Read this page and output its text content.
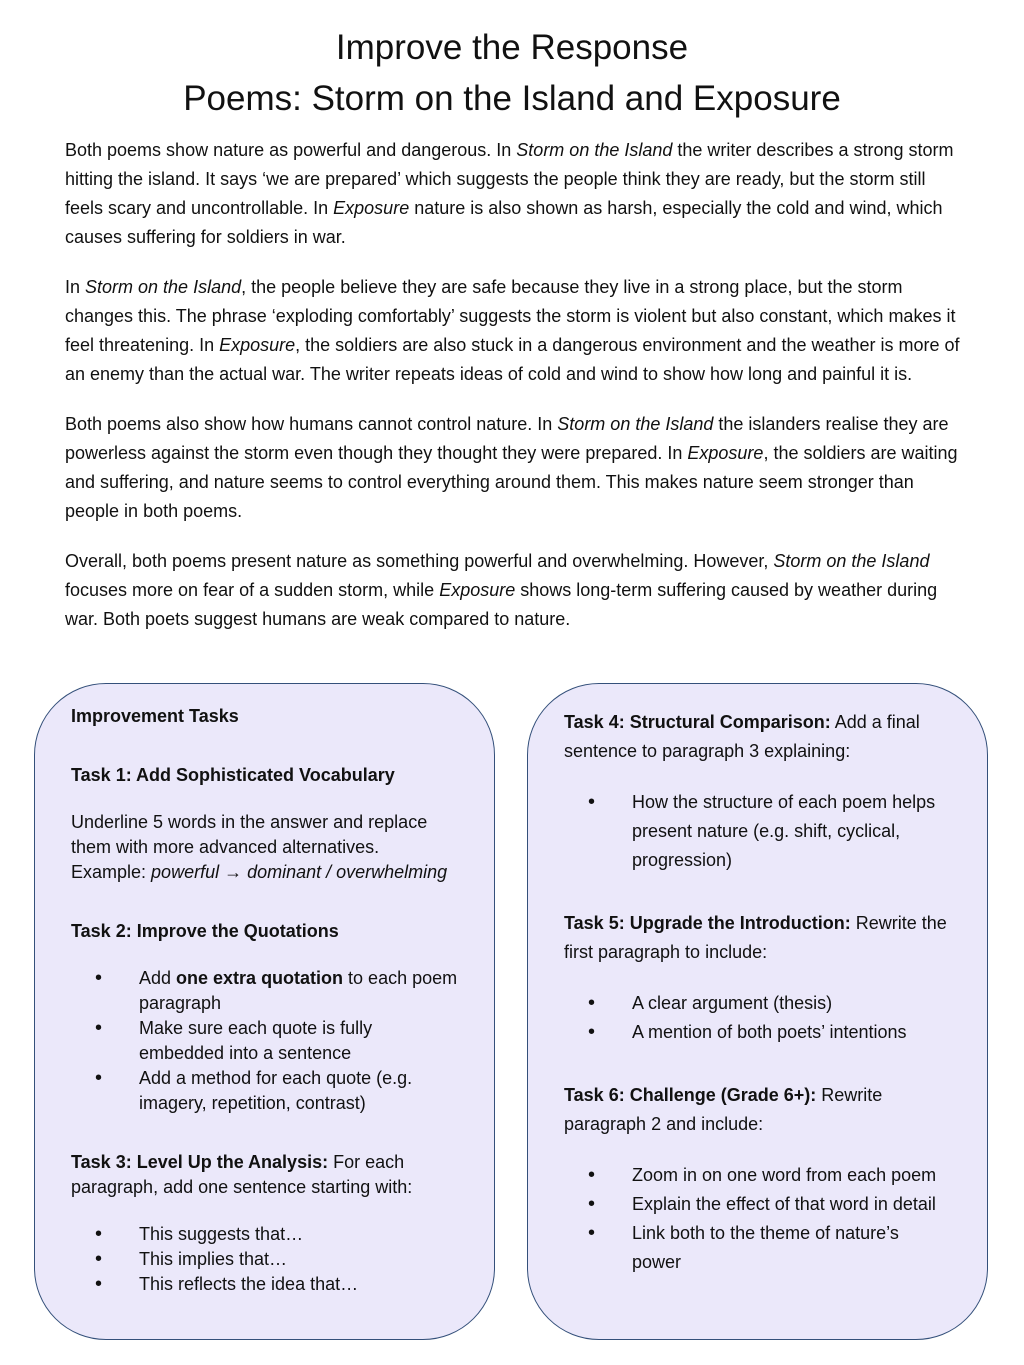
Improve the Response
Poems: Storm on the Island and Exposure

Both poems show nature as powerful and dangerous. In Storm on the Island the writer describes a strong storm hitting the island. It says ‘we are prepared’ which suggests the people think they are ready, but the storm still feels scary and uncontrollable. In Exposure nature is also shown as harsh, especially the cold and wind, which causes suffering for soldiers in war.

In Storm on the Island, the people believe they are safe because they live in a strong place, but the storm changes this. The phrase ‘exploding comfortably’ suggests the storm is violent but also constant, which makes it feel threatening. In Exposure, the soldiers are also stuck in a dangerous environment and the weather is more of an enemy than the actual war. The writer repeats ideas of cold and wind to show how long and painful it is.

Both poems also show how humans cannot control nature. In Storm on the Island the islanders realise they are powerless against the storm even though they thought they were prepared. In Exposure, the soldiers are waiting and suffering, and nature seems to control everything around them. This makes nature seem stronger than people in both poems.

Overall, both poems present nature as something powerful and overwhelming. However, Storm on the Island focuses more on fear of a sudden storm, while Exposure shows long-term suffering caused by weather during war. Both poets suggest humans are weak compared to nature.

Improvement Tasks
Task 1: Add Sophisticated Vocabulary
Underline 5 words in the answer and replace them with more advanced alternatives.
Example: powerful → dominant / overwhelming
Task 2: Improve the Quotations
• Add one extra quotation to each poem paragraph
• Make sure each quote is fully embedded into a sentence
• Add a method for each quote (e.g. imagery, repetition, contrast)
Task 3: Level Up the Analysis: For each paragraph, add one sentence starting with:
• This suggests that…
• This implies that…
• This reflects the idea that…
Task 4: Structural Comparison: Add a final sentence to paragraph 3 explaining:
• How the structure of each poem helps present nature (e.g. shift, cyclical, progression)
Task 5: Upgrade the Introduction: Rewrite the first paragraph to include:
• A clear argument (thesis)
• A mention of both poets’ intentions
Task 6: Challenge (Grade 6+): Rewrite paragraph 2 and include:
• Zoom in on one word from each poem
• Explain the effect of that word in detail
• Link both to the theme of nature’s power
